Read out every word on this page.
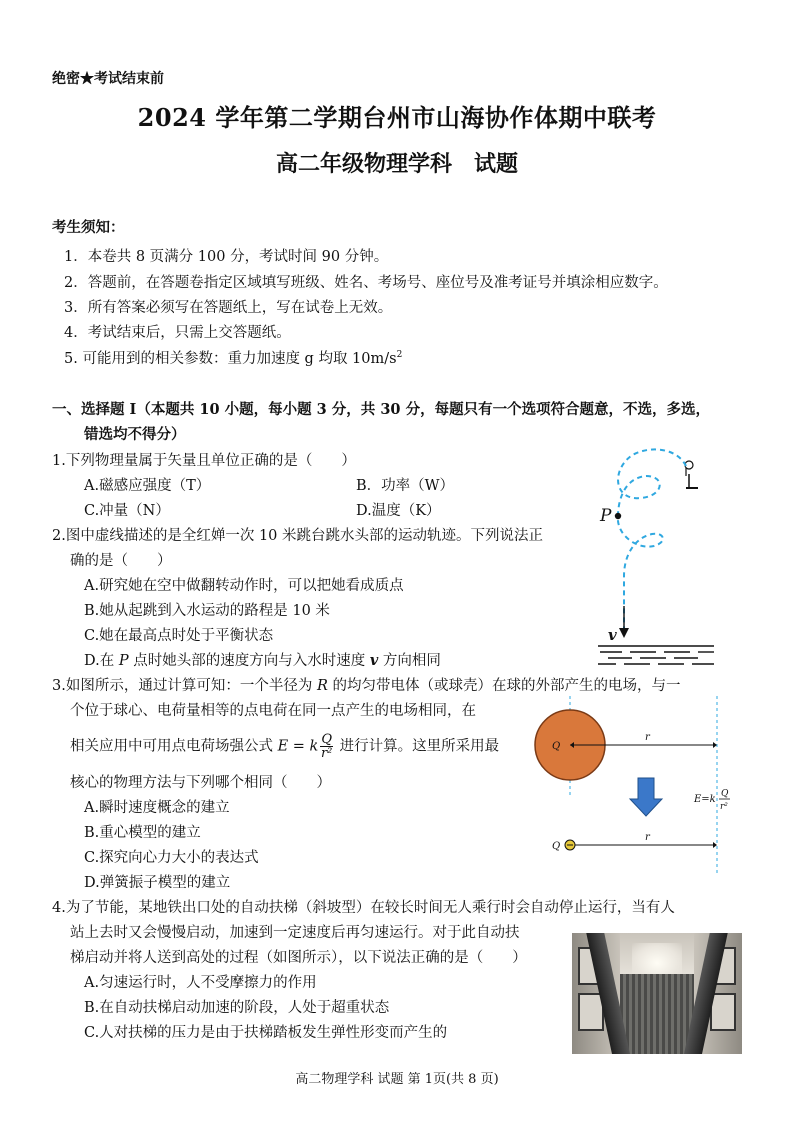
绝密★考试结束前
2024 学年第二学期台州市山海协作体期中联考
高二年级物理学科　试题
考生须知：
1．本卷共 8 页满分 100 分，考试时间 90 分钟。
2．答题前，在答题卷指定区域填写班级、姓名、考场号、座位号及准考证号并填涂相应数字。
3．所有答案必须写在答题纸上，写在试卷上无效。
4．考试结束后，只需上交答题纸。
5. 可能用到的相关参数：重力加速度 g 均取 $10m/s^2$
一、选择题 I（本题共 10 小题，每小题 3 分，共 30 分，每题只有一个选项符合题意，不选，多选，
错选均不得分）
1.下列物理量属于矢量且单位正确的是（　　）
A.磁感应强度（T）	B．功率（W）
C.冲量（N）	D.温度（K）
2.图中虚线描述的是全红婵一次 10 米跳台跳水头部的运动轨迹。下列说法正
确的是（　　）
A.研究她在空中做翻转动作时，可以把她看成质点
B.她从起跳到入水运动的路程是 10 米
C.她在最高点时处于平衡状态
D.在 P 点时她头部的速度方向与入水时速度 v 方向相同
P
v
3.如图所示，通过计算可知：一个半径为 R 的均匀带电体（或球壳）在球的外部产生的电场，与一
个位于球心、电荷量相等的点电荷在同一点产生的电场相同，在
相关应用中可用点电荷场强公式 E = k $\frac{Q}{\text{r²}}$ 进行计算。这里所采用最
核心的物理方法与下列哪个相同（　　）
A.瞬时速度概念的建立
B.重心模型的建立
C.探究向心力大小的表达式
D.弹簧振子模型的建立
Q
r
E=k Q
r²
Q
r
4.为了节能，某地铁出口处的自动扶梯（斜坡型）在较长时间无人乘行时会自动停止运行，当有人
站上去时又会慢慢启动，加速到一定速度后再匀速运行。对于此自动扶
梯启动并将人送到高处的过程（如图所示），以下说法正确的是（　　）
A.匀速运行时，人不受摩擦力的作用
B.在自动扶梯启动加速的阶段，人处于超重状态
C.人对扶梯的压力是由于扶梯踏板发生弹性形变而产生的
高二物理学科 试题 第 1页(共 8 页)
